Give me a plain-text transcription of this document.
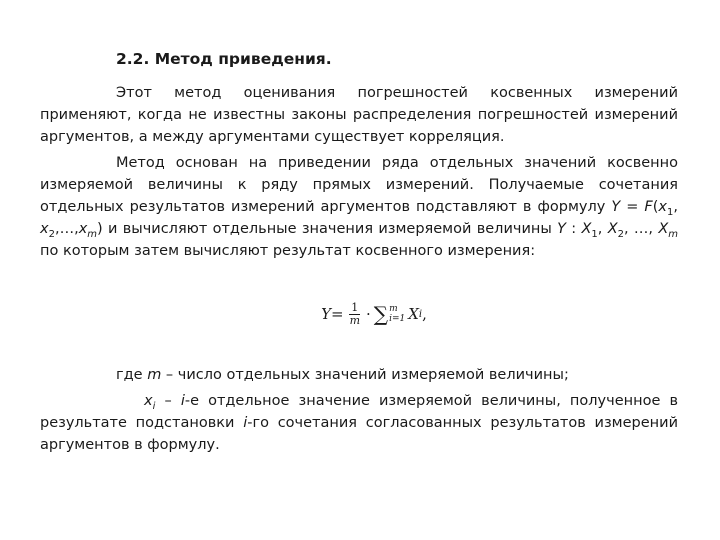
2.2. Метод приведения.

Этот метод оценивания погрешностей косвенных измерений применяют, когда не известны законы распределения погрешностей измерений аргументов, а между аргументами существует корреляция.

Метод основан на приведении ряда отдельных значений косвенно измеряемой величины к ряду прямых измерений. Получаемые сочетания отдельных результатов измерений аргументов подставляют в формулу $Y = F(x_1$, $x_2,\dots,x_m$) и вычисляют отдельные значения измеряемой величины Y : $X_1$, $X_2$, …, $X_m$ по которым затем вычисляют результат косвенного измерения:

$Y = \frac{1}{m}$ · ∑ m
i=1 X i ,

где m – число отдельных значений измеряемой величины;

$x_i - i-е$ отдельное значение измеряемой величины, полученное в результате подстановки i-го сочетания согласованных результатов измерений аргументов в формулу.
